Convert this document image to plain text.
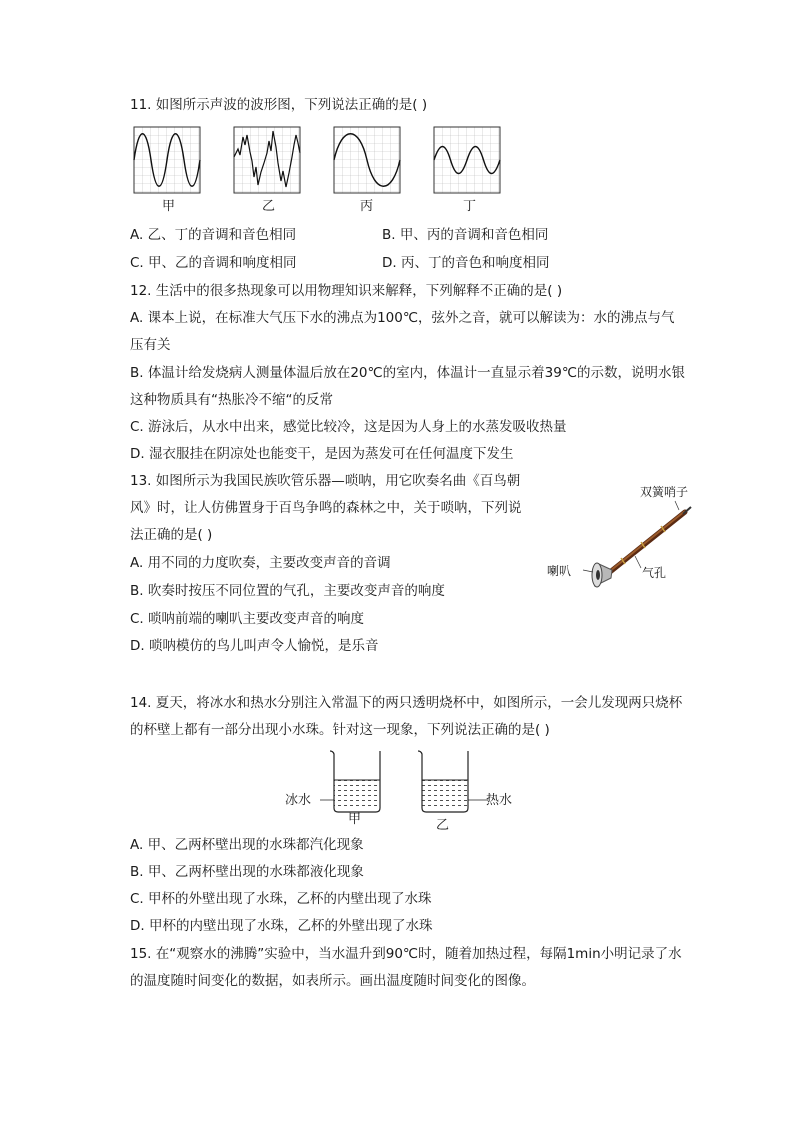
11. 如图所示声波的波形图，下列说法正确的是( )
甲	乙	丙	丁
A. 乙、丁的音调和音色相同	B. 甲、丙的音调和音色相同
C. 甲、乙的音调和响度相同	D. 丙、丁的音色和响度相同
12. 生活中的很多热现象可以用物理知识来解释，下列解释不正确的是( )
A. 课本上说，在标准大气压下水的沸点为100℃，弦外之音，就可以解读为：水的沸点与气
压有关
B. 体温计给发烧病人测量体温后放在20℃的室内，体温计一直显示着39℃的示数，说明水银
这种物质具有“热胀冷不缩“的反常
C. 游泳后，从水中出来，感觉比较冷，这是因为人身上的水蒸发吸收热量
D. 湿衣服挂在阴凉处也能变干，是因为蒸发可在任何温度下发生
13. 如图所示为我国民族吹管乐器—唢呐，用它吹奏名曲《百鸟朝
风》时，让人仿佛置身于百鸟争鸣的森林之中，关于唢呐，下列说
法正确的是( )
A. 用不同的力度吹奏，主要改变声音的音调
B. 吹奏时按压不同位置的气孔，主要改变声音的响度
C. 唢呐前端的喇叭主要改变声音的响度
D. 唢呐模仿的鸟儿叫声令人愉悦，是乐音
双簧哨子
喇叭	气孔
14. 夏天，将冰水和热水分别注入常温下的两只透明烧杯中，如图所示，一会儿发现两只烧杯
的杯壁上都有一部分出现小水珠。针对这一现象，下列说法正确的是( )
冰水	热水
甲	乙
A. 甲、乙两杯壁出现的水珠都汽化现象
B. 甲、乙两杯壁出现的水珠都液化现象
C. 甲杯的外壁出现了水珠，乙杯的内壁出现了水珠
D. 甲杯的内壁出现了水珠，乙杯的外壁出现了水珠
15. 在“观察水的沸腾”实验中，当水温升到90℃时，随着加热过程，每隔1min小明记录了水
的温度随时间变化的数据，如表所示。画出温度随时间变化的图像。
